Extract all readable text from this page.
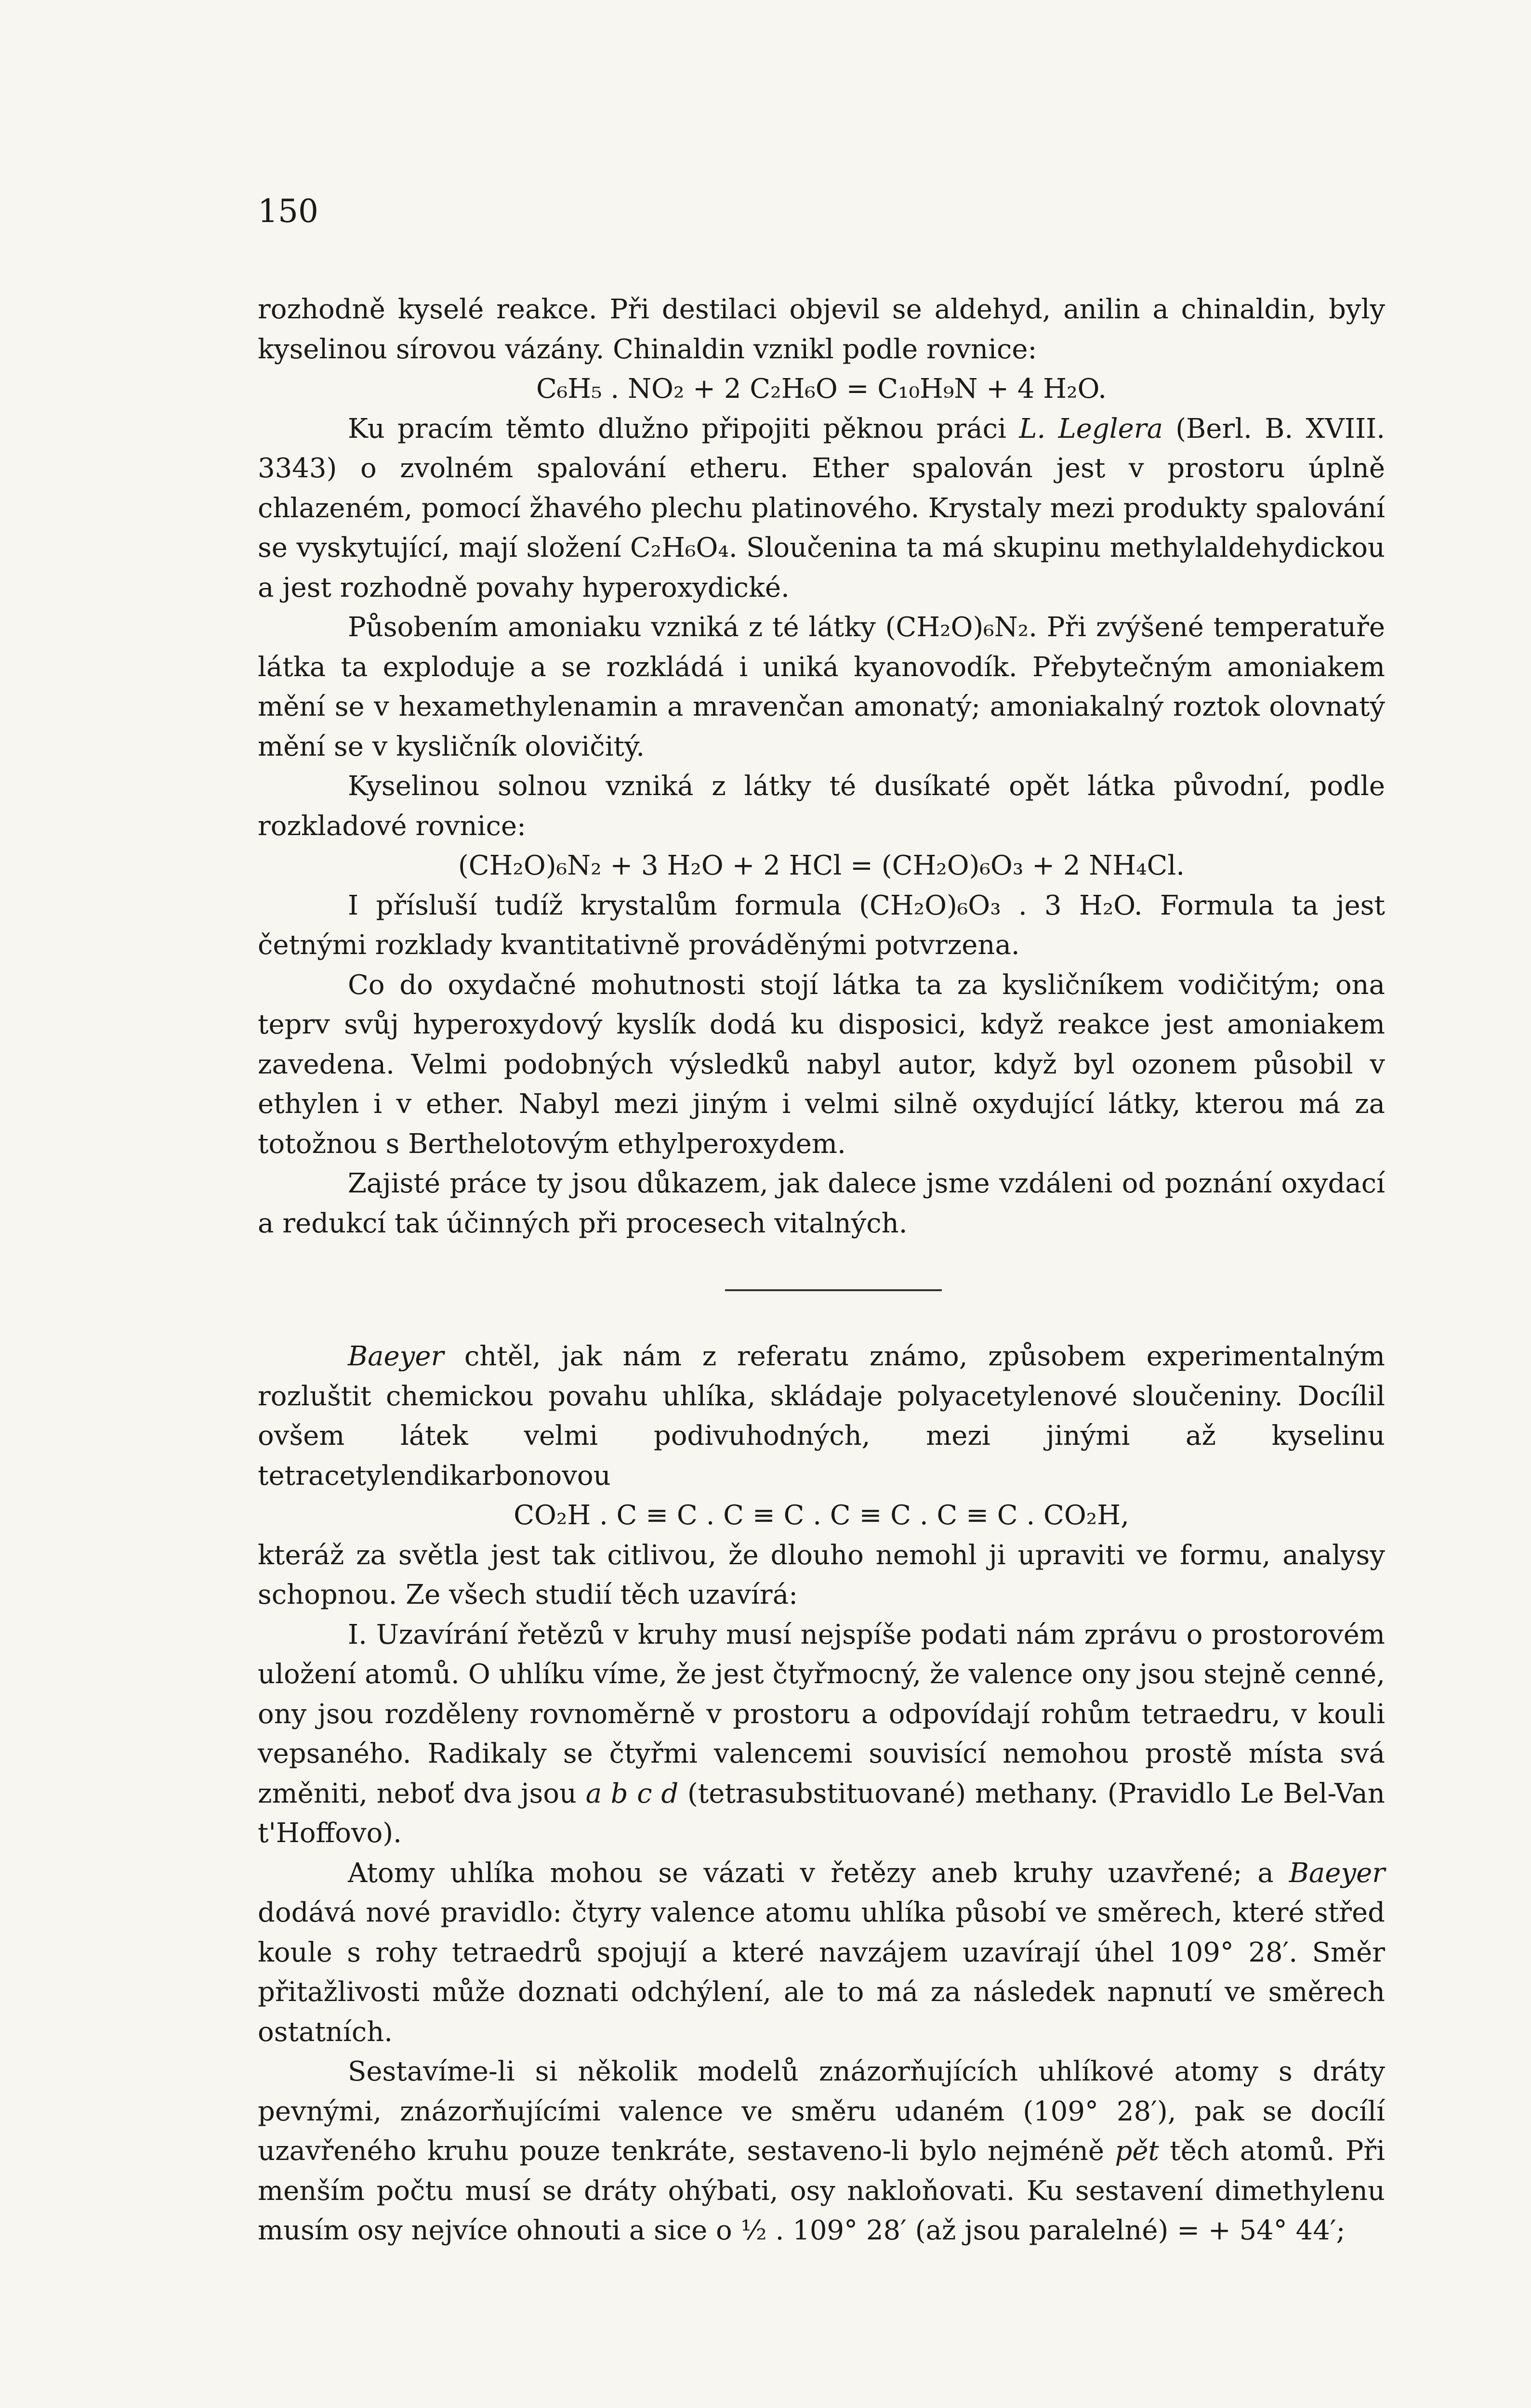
150

rozhodně kyselé reakce. Při destilaci objevil se aldehyd, anilin a chinaldin, byly kyselinou sírovou vázány. Chinaldin vznikl podle rovnice:

C₆H₅ . NO₂ + 2 C₂H₆O = C₁₀H₉N + 4 H₂O.

Ku pracím těmto dlužno připojiti pěknou práci L. Leglera (Berl. B. XVIII. 3343) o zvolném spalování etheru. Ether spalován jest v prostoru úplně chlazeném, pomocí žhavého plechu platinového. Krystaly mezi produkty spalování se vyskytující, mají složení C₂H₆O₄. Sloučenina ta má skupinu methylaldehydickou a jest rozhodně povahy hyperoxydické.

Působením amoniaku vzniká z té látky (CH₂O)₆N₂. Při zvýšené temperatuře látka ta exploduje a se rozkládá i uniká kyanovodík. Přebytečným amoniakem mění se v hexamethylenamin a mravenčan amonatý; amoniakalný roztok olovnatý mění se v kysličník olovičitý.

Kyselinou solnou vzniká z látky té dusíkaté opět látka původní, podle rozkladové rovnice:

(CH₂O)₆N₂ + 3 H₂O + 2 HCl = (CH₂O)₆O₃ + 2 NH₄Cl.

I přísluší tudíž krystalům formula (CH₂O)₆O₃ . 3 H₂O. Formula ta jest četnými rozklady kvantitativně prováděnými potvrzena.

Co do oxydačné mohutnosti stojí látka ta za kysličníkem vodičitým; ona teprv svůj hyperoxydový kyslík dodá ku disposici, když reakce jest amoniakem zavedena. Velmi podobných výsledků nabyl autor, když byl ozonem působil v ethylen i v ether. Nabyl mezi jiným i velmi silně oxydující látky, kterou má za totožnou s Berthelotovým ethylperoxydem.

Zajisté práce ty jsou důkazem, jak dalece jsme vzdáleni od poznání oxydací a redukcí tak účinných při procesech vitalných.

Baeyer chtěl, jak nám z referatu známo, způsobem experimentalným rozluštit chemickou povahu uhlíka, skládaje polyacetylenové sloučeniny. Docílil ovšem látek velmi podivuhodných, mezi jinými až kyselinu tetracetylendikarbonovou

CO₂H . C ≡ C . C ≡ C . C ≡ C . C ≡ C . CO₂H,

kteráž za světla jest tak citlivou, že dlouho nemohl ji upraviti ve formu, analysy schopnou. Ze všech studií těch uzavírá:

I. Uzavírání řetězů v kruhy musí nejspíše podati nám zprávu o prostorovém uložení atomů. O uhlíku víme, že jest čtyřmocný, že valence ony jsou stejně cenné, ony jsou rozděleny rovnoměrně v prostoru a odpovídají rohům tetraedru, v kouli vepsaného. Radikaly se čtyřmi valencemi souvisící nemohou prostě místa svá změniti, neboť dva jsou a b c d (tetrasubstituované) methany. (Pravidlo Le Bel-Van t'Hoffovo).

Atomy uhlíka mohou se vázati v řetězy aneb kruhy uzavřené; a Baeyer dodává nové pravidlo: čtyry valence atomu uhlíka působí ve směrech, které střed koule s rohy tetraedrů spojují a které navzájem uzavírají úhel 109° 28′. Směr přitažlivosti může doznati odchýlení, ale to má za následek napnutí ve směrech ostatních.

Sestavíme-li si několik modelů znázorňujících uhlíkové atomy s dráty pevnými, znázorňujícími valence ve směru udaném (109° 28′), pak se docílí uzavřeného kruhu pouze tenkráte, sestaveno-li bylo nejméně pět těch atomů. Při menším počtu musí se dráty ohýbati, osy nakloňovati. Ku sestavení dimethylenu musím osy nejvíce ohnouti a sice o ½ . 109° 28′ (až jsou paralelné) = + 54° 44′;
